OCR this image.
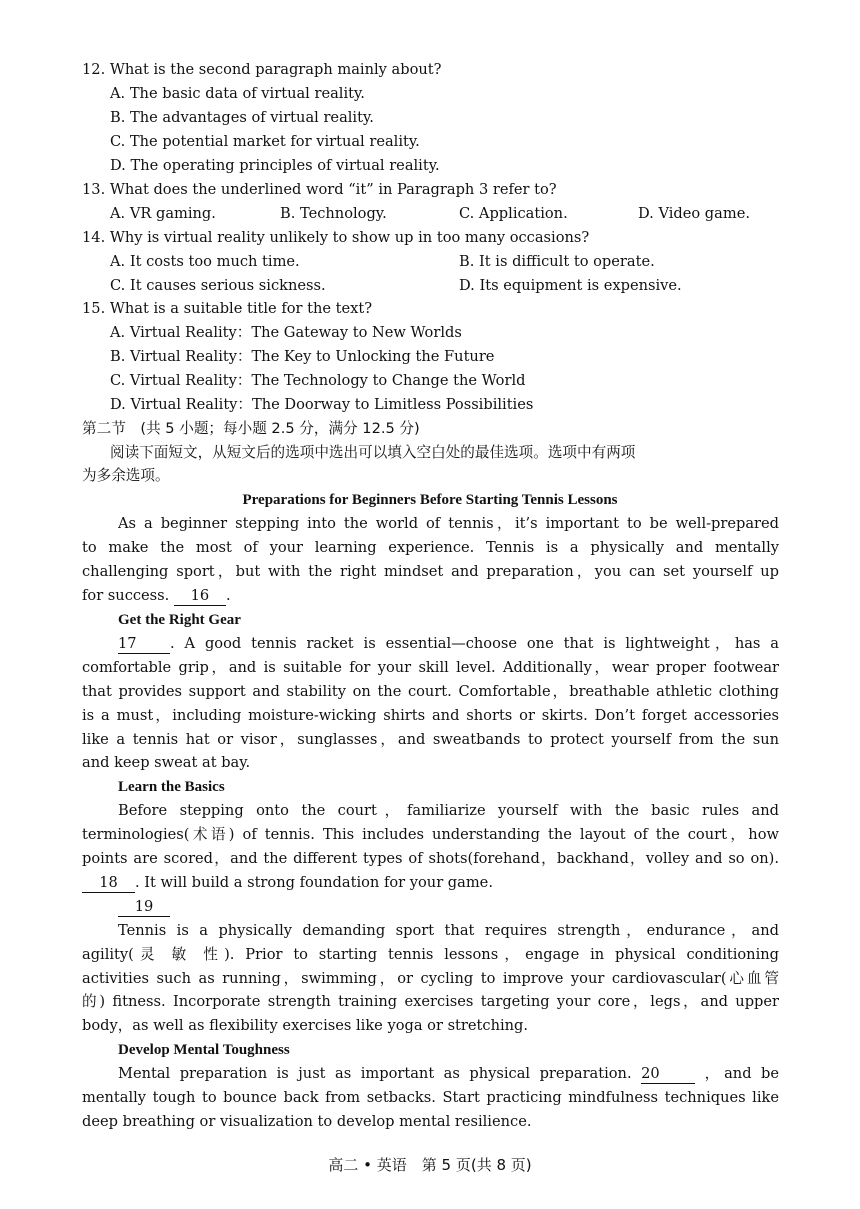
12. What is the second paragraph mainly about?
A. The basic data of virtual reality.
B. The advantages of virtual reality.
C. The potential market for virtual reality.
D. The operating principles of virtual reality.
13. What does the underlined word “it” in Paragraph 3 refer to?
A. VR gaming.	B. Technology.	C. Application.	D. Video game.
14. Why is virtual reality unlikely to show up in too many occasions?
A. It costs too much time.	B. It is difficult to operate.
C. It causes serious sickness.	D. Its equipment is expensive.
15. What is a suitable title for the text?
A. Virtual Reality：The Gateway to New Worlds
B. Virtual Reality：The Key to Unlocking the Future
C. Virtual Reality：The Technology to Change the World
D. Virtual Reality：The Doorway to Limitless Possibilities
第二节　(共 5 小题；每小题 2.5 分，满分 12.5 分)
阅读下面短文，从短文后的选项中选出可以填入空白处的最佳选项。选项中有两项
为多余选项。
Preparations for Beginners Before Starting Tennis Lessons
As a beginner stepping into the world of tennis，it’s important to be well-prepared
to make the most of your learning experience. Tennis is a physically and mentally
challenging sport，but with the right mindset and preparation，you can set yourself up
for success. 16 .
Get the Right Gear
17 . A good tennis racket is essential—choose one that is lightweight，has a
comfortable grip，and is suitable for your skill level. Additionally，wear proper footwear
that provides support and stability on the court. Comfortable，breathable athletic clothing
is a must，including moisture-wicking shirts and shorts or skirts. Don’t forget accessories
like a tennis hat or visor，sunglasses，and sweatbands to protect yourself from the sun
and keep sweat at bay.
Learn the Basics
Before stepping onto the court，familiarize yourself with the basic rules and
terminologies(术语) of tennis. This includes understanding the layout of the court，how
points are scored，and the different types of shots(forehand，backhand，volley and so on).
18 . It will build a strong foundation for your game.
19
Tennis is a physically demanding sport that requires strength，endurance，and
agility(灵 敏 性). Prior to starting tennis lessons，engage in physical conditioning
activities such as running，swimming，or cycling to improve your cardiovascular(心血管
的) fitness. Incorporate strength training exercises targeting your core，legs，and upper
body，as well as flexibility exercises like yoga or stretching.
Develop Mental Toughness
Mental preparation is just as important as physical preparation. 20	，and be
mentally tough to bounce back from setbacks. Start practicing mindfulness techniques like
deep breathing or visualization to develop mental resilience.
高二 • 英语　第 5 页(共 8 页)
